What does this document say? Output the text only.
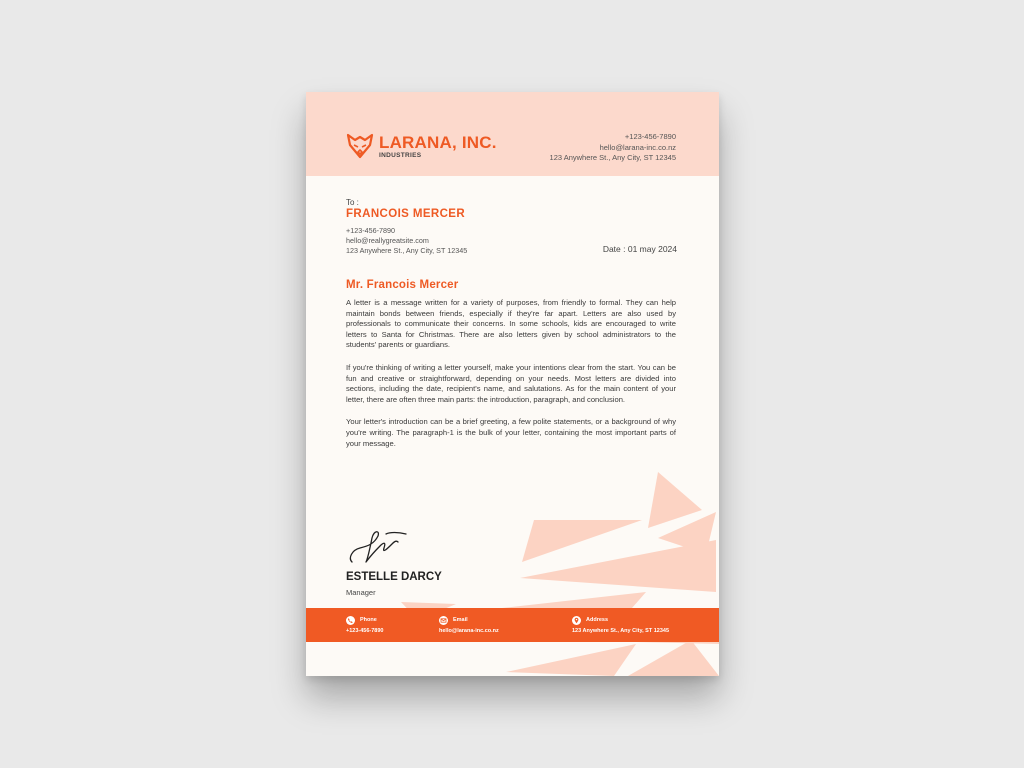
LARANA, INC.
INDUSTRIES
+123-456-7890
hello@larana-inc.co.nz
123 Anywhere St., Any City, ST 12345
To :
FRANCOIS MERCER
+123-456-7890
hello@reallygreatsite.com
123 Anywhere St., Any City, ST 12345	Date : 01 may 2024
Mr. Francois Mercer

A letter is a message written for a variety of purposes, from friendly to formal. They can help maintain bonds between friends, especially if they're far apart. Letters are also used by professionals to communicate their concerns. In some schools, kids are encouraged to write letters to Santa for Christmas. There are also letters given by school administrators to the students' parents or guardians.

If you're thinking of writing a letter yourself, make your intentions clear from the start. You can be fun and creative or straightforward, depending on your needs. Most letters are divided into sections, including the date, recipient's name, and salutations. As for the main content of your letter, there are often three main parts: the introduction, paragraph, and conclusion.

Your letter's introduction can be a brief greeting, a few polite statements, or a background of why you're writing. The paragraph-1 is the bulk of your letter, containing the most important parts of your message.

ESTELLE DARCY
Manager
Phone
+123-456-7890
Email
hello@larana-inc.co.nz
Address
123 Anywhere St., Any City, ST 12345
